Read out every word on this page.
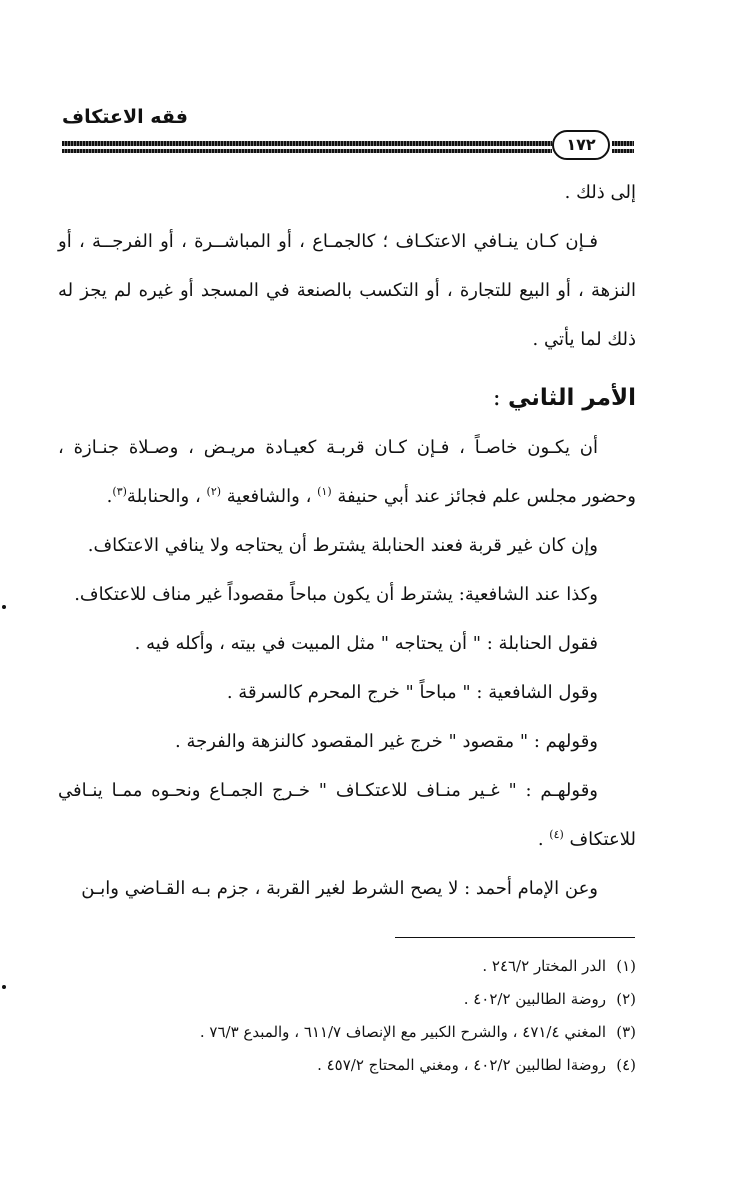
فقه الاعتكاف
١٧٢

إلى ذلك .

فـإن كـان ينـافي الاعتكـاف ؛ كالجمـاع ، أو المباشــرة ، أو الفرجــة ، أو النزهة ، أو البيع للتجارة ، أو التكسب بالصنعة في المسجد أو غيره لم يجز له ذلك لما يأتي .

الأمر الثاني :

أن يكـون خاصـاً ، فـإن كـان قربـة كعيـادة مريـض ، وصـلاة جنـازة ، وحضور مجلس علم فجائز عند أبي حنيفة $^{(١)}$ ، والشافعية $^{(٢)}$ ، والحنابلة$^{(٣)}$.

وإن كان غير قربة فعند الحنابلة يشترط أن يحتاجه ولا ينافي الاعتكاف.

وكذا عند الشافعية: يشترط أن يكون مباحاً مقصوداً غير مناف للاعتكاف.

فقول الحنابلة : " أن يحتاجه " مثل المبيت في بيته ، وأكله فيه .

وقول الشافعية : " مباحاً " خرج المحرم كالسرقة .

وقولهم : " مقصود " خرج غير المقصود كالنزهة والفرجة .

وقولهـم : " غـير منـاف للاعتكـاف " خـرج الجمـاع ونحـوه ممـا ينـافي للاعتكاف $^{(٤)}$ .

وعن الإمام أحمد : لا يصح الشرط لغير القربة ، جزم بـه القـاضي وابـن

(١)الدر المختار ٢٤٦/٢ .
(٢)روضة الطالبين ٤٠٢/٢ .
(٣)المغني ٤٧١/٤ ، والشرح الكبير مع الإنصاف ٦١١/٧ ، والمبدع ٧٦/٣ .
(٤)روضةا لطالبين ٤٠٢/٢ ، ومغني المحتاج ٤٥٧/٢ .
